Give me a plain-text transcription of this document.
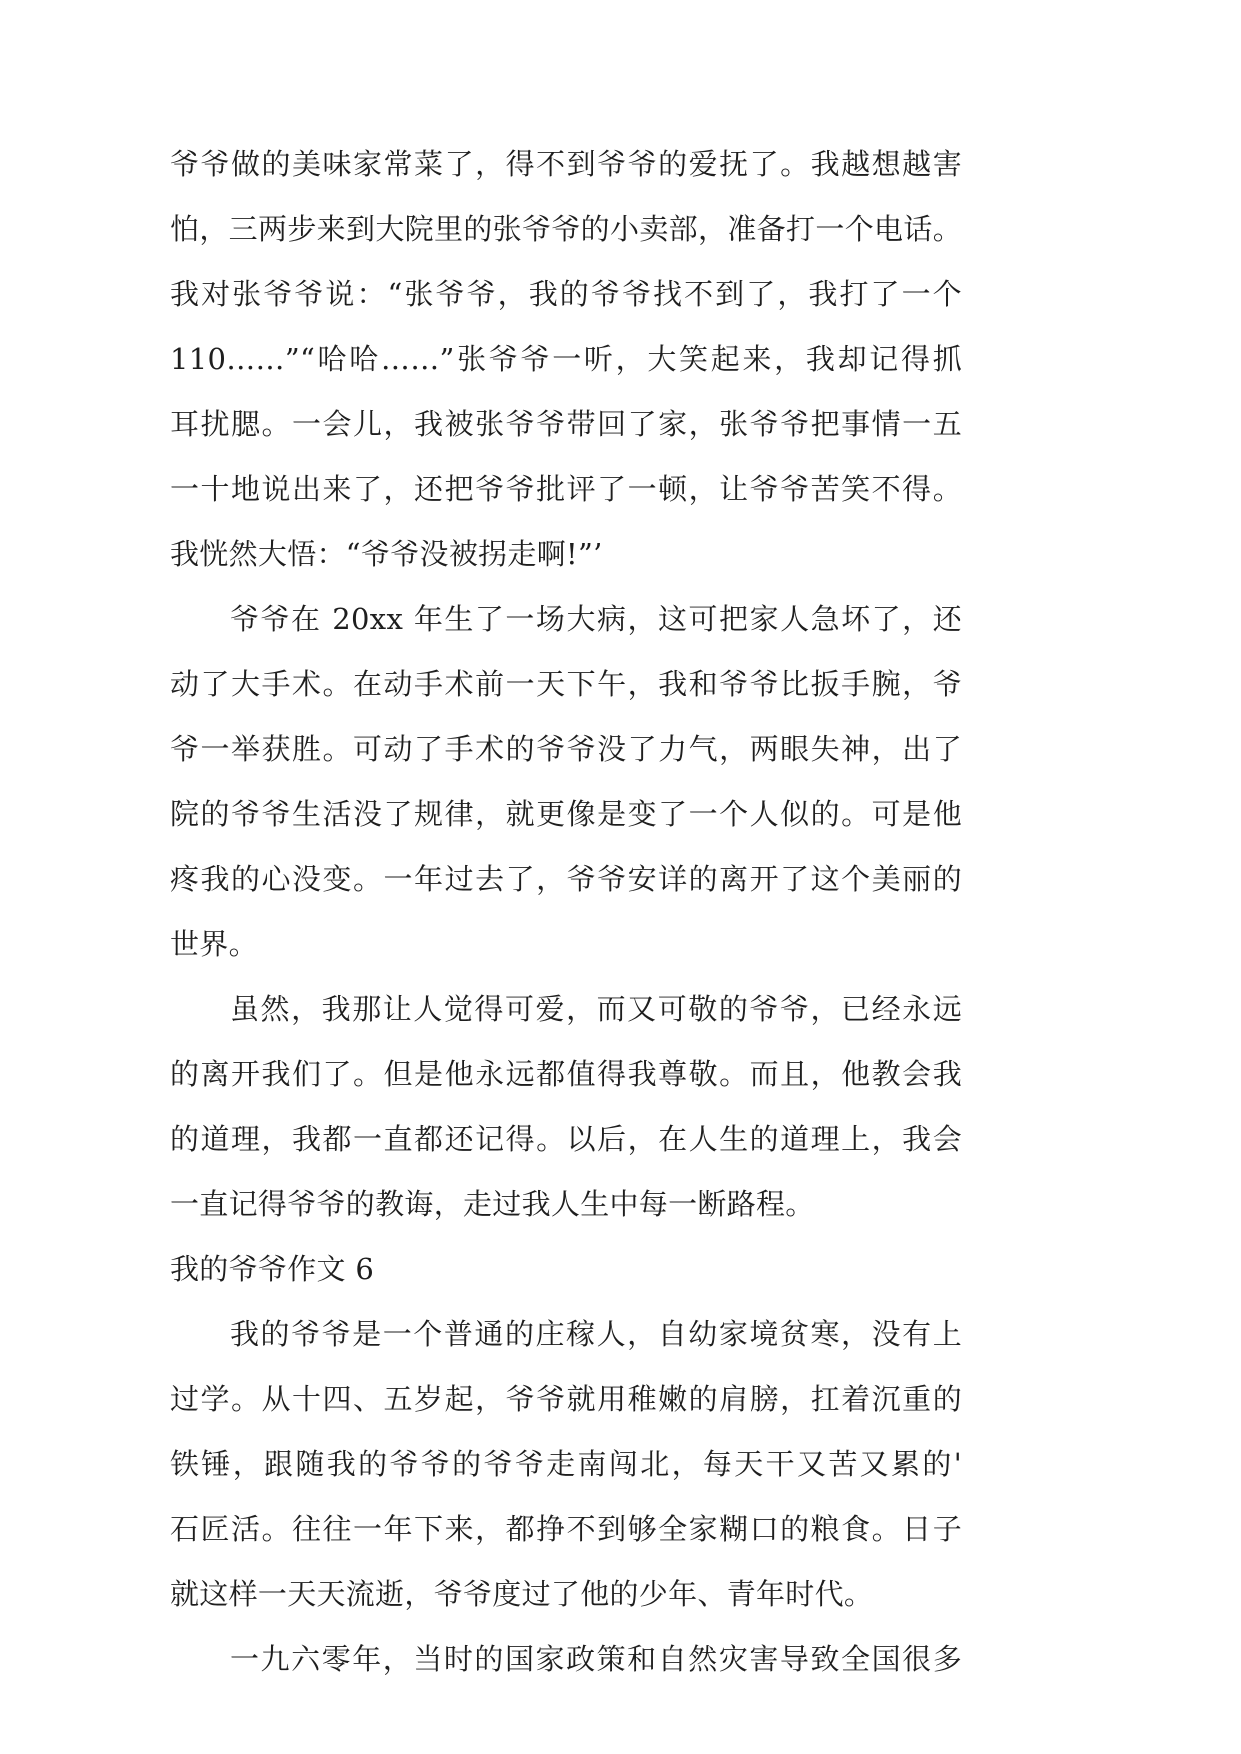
爷爷做的美味家常菜了，得不到爷爷的爱抚了。我越想越害
怕，三两步来到大院里的张爷爷的小卖部，准备打一个电话。
我对张爷爷说：“张爷爷，我的爷爷找不到了，我打了一个
110……”“哈哈……”张爷爷一听，大笑起来，我却记得抓
耳扰腮。一会儿，我被张爷爷带回了家，张爷爷把事情一五
一十地说出来了，还把爷爷批评了一顿，让爷爷苦笑不得。
我恍然大悟：“爷爷没被拐走啊!”’
爷爷在 20xx 年生了一场大病，这可把家人急坏了，还
动了大手术。在动手术前一天下午，我和爷爷比扳手腕，爷
爷一举获胜。可动了手术的爷爷没了力气，两眼失神，出了
院的爷爷生活没了规律，就更像是变了一个人似的。可是他
疼我的心没变。一年过去了，爷爷安详的离开了这个美丽的
世界。
虽然，我那让人觉得可爱，而又可敬的爷爷，已经永远
的离开我们了。但是他永远都值得我尊敬。而且，他教会我
的道理，我都一直都还记得。以后，在人生的道理上，我会
一直记得爷爷的教诲，走过我人生中每一断路程。
我的爷爷作文 6
我的爷爷是一个普通的庄稼人，自幼家境贫寒，没有上
过学。从十四、五岁起，爷爷就用稚嫩的肩膀，扛着沉重的
铁锤，跟随我的爷爷的爷爷走南闯北，每天干又苦又累的'
石匠活。往往一年下来，都挣不到够全家糊口的粮食。日子
就这样一天天流逝，爷爷度过了他的少年、青年时代。
一九六零年，当时的国家政策和自然灾害导致全国很多
